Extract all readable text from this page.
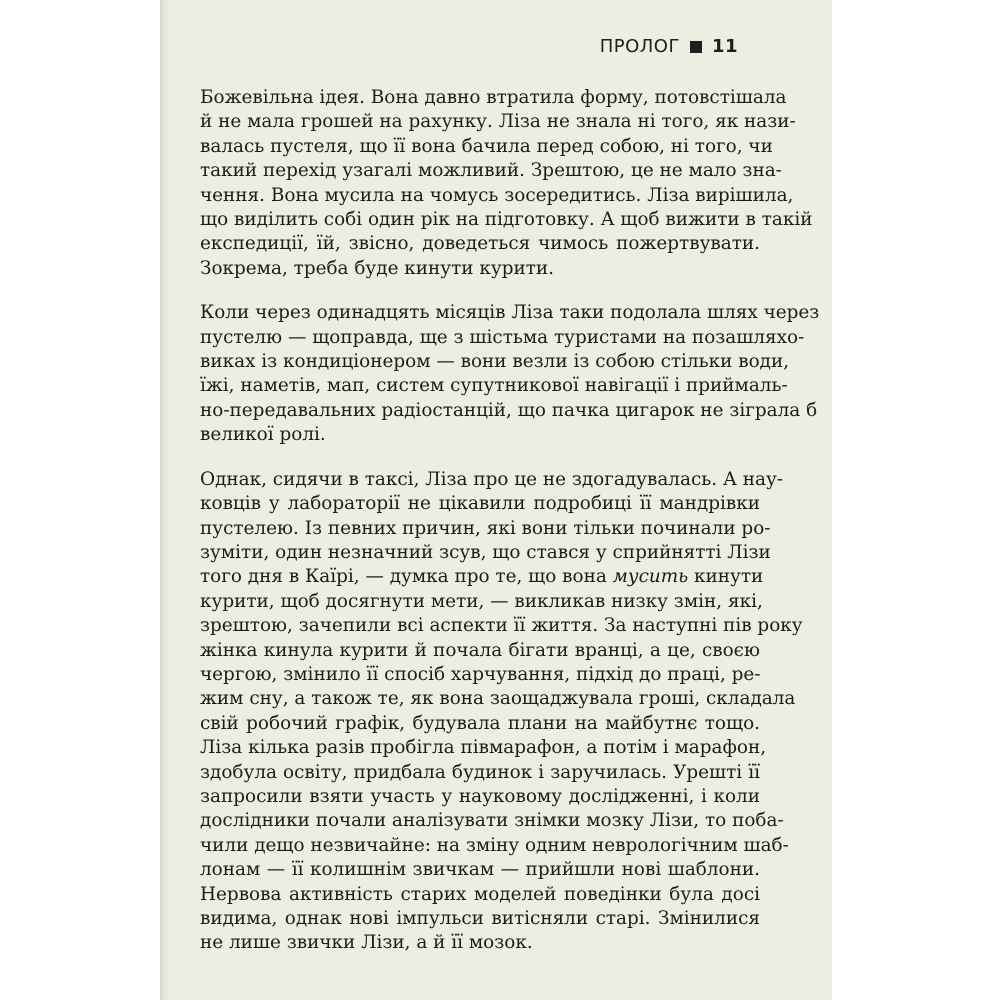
ПРОЛОГ 11
Божевільна ідея. Вона давно втратила форму, потовстішала
й не мала грошей на рахунку. Ліза не знала ні того, як нази-
валась пустеля, що її вона бачила перед собою, ні того, чи
такий перехід узагалі можливий. Зрештою, це не мало зна-
чення. Вона мусила на чомусь зосередитись. Ліза вирішила,
що виділить собі один рік на підготовку. А щоб вижити в такій
експедиції, їй, звісно, доведеться чимось пожертвувати.
Зокрема, треба буде кинути курити.
Коли через одинадцять місяців Ліза таки подолала шлях через
пустелю — щоправда, ще з шістьма туристами на позашляхо-
виках із кондиціонером — вони везли із собою стільки води,
їжі, наметів, мап, систем супутникової навігації і приймаль-
но-передавальних радіостанцій, що пачка цигарок не зіграла б
великої ролі.
Однак, сидячи в таксі, Ліза про це не здогадувалась. А нау-
ковців у лабораторії не цікавили подробиці її мандрівки
пустелею. Із певних причин, які вони тільки починали ро-
зуміти, один незначний зсув, що стався у сприйнятті Лізи
того дня в Каїрі, — думка про те, що вона мусить кинути
курити, щоб досягнути мети, — викликав низку змін, які,
зрештою, зачепили всі аспекти її життя. За наступні пів року
жінка кинула курити й почала бігати вранці, а це, своєю
чергою, змінило її спосіб харчування, підхід до праці, ре-
жим сну, а також те, як вона заощаджувала гроші, складала
свій робочий графік, будувала плани на майбутнє тощо.
Ліза кілька разів пробігла півмарафон, а потім і марафон,
здобула освіту, придбала будинок і заручилась. Урешті її
запросили взяти участь у науковому дослідженні, і коли
дослідники почали аналізувати знімки мозку Лізи, то поба-
чили дещо незвичайне: на зміну одним неврологічним шаб-
лонам — її колишнім звичкам — прийшли нові шаблони.
Нервова активність старих моделей поведінки була досі
видима, однак нові імпульси витісняли старі. Змінилися
не лише звички Лізи, а й її мозок.
